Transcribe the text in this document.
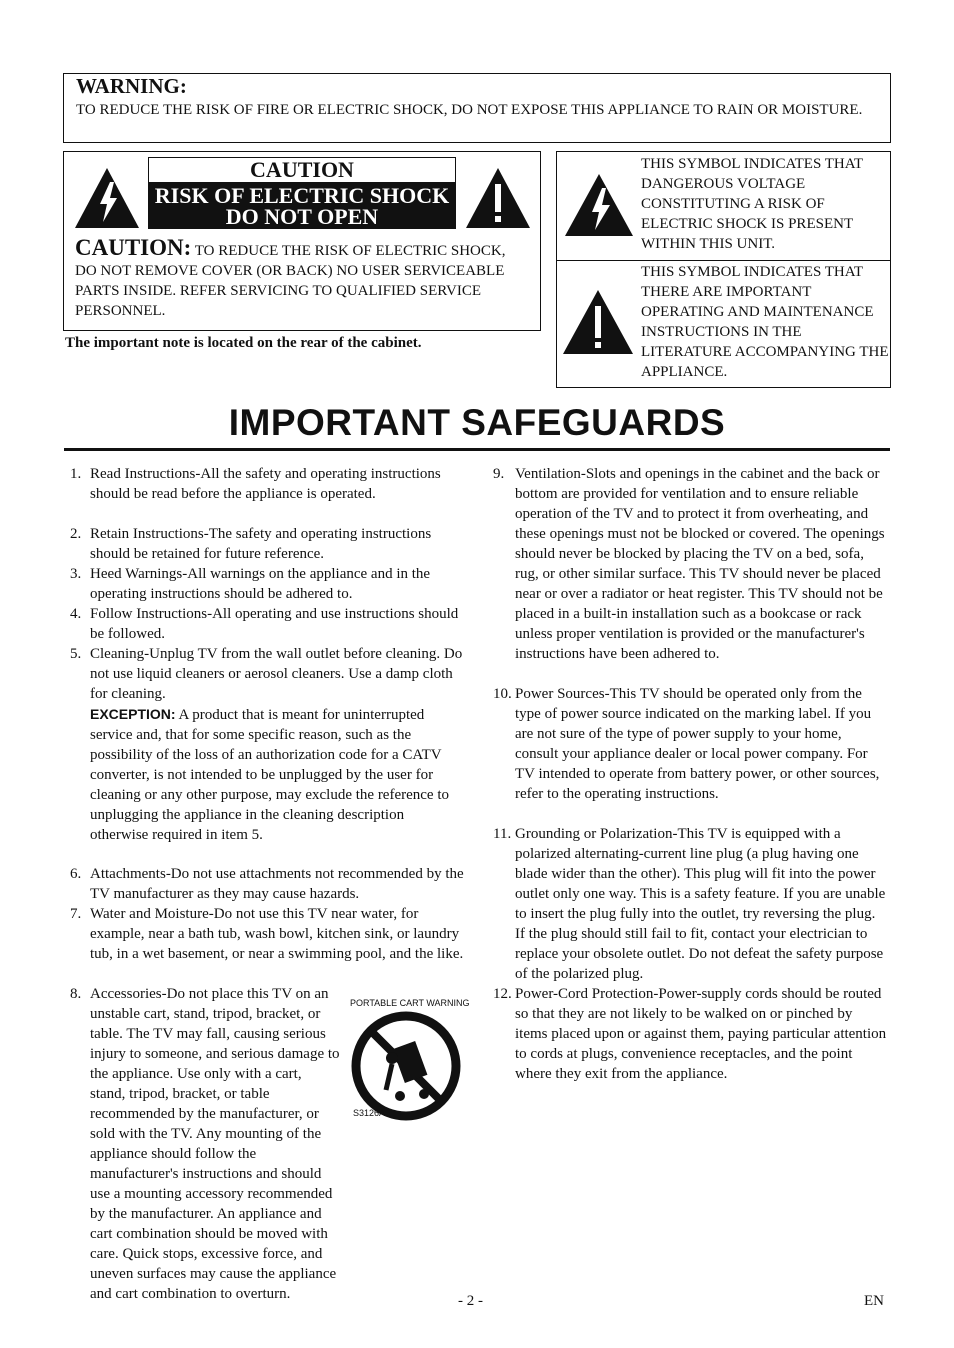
WARNING:
TO REDUCE THE RISK OF FIRE OR ELECTRIC SHOCK, DO NOT EXPOSE THIS APPLIANCE TO RAIN OR MOISTURE.
CAUTION
RISK OF ELECTRIC SHOCK
DO NOT OPEN
CAUTION: TO REDUCE THE RISK OF ELECTRIC SHOCK, DO NOT REMOVE COVER (OR BACK) NO USER SERVICEABLE PARTS INSIDE. REFER SERVICING TO QUALIFIED SERVICE PERSONNEL.
The important note is located on the rear of the cabinet.
THIS SYMBOL INDICATES THAT DANGEROUS VOLTAGE CONSTITUTING A RISK OF ELECTRIC SHOCK IS PRESENT WITHIN THIS UNIT.
THIS SYMBOL INDICATES THAT THERE ARE IMPORTANT OPERATING AND MAINTENANCE INSTRUCTIONS IN THE LITERATURE ACCOMPANYING THE APPLIANCE.
IMPORTANT SAFEGUARDS
1. Read Instructions-All the safety and operating instructions should be read before the appliance is operated.
2. Retain Instructions-The safety and operating instructions should be retained for future reference.
3. Heed Warnings-All warnings on the appliance and in the operating instructions should be adhered to.
4. Follow Instructions-All operating and use instructions should be followed.
5. Cleaning-Unplug TV from the wall outlet before cleaning. Do not use liquid cleaners or aerosol cleaners. Use a damp cloth for cleaning.
EXCEPTION: A product that is meant for uninterrupted service and, that for some specific reason, such as the possibility of the loss of an authorization code for a CATV converter, is not intended to be unplugged by the user for cleaning or any other purpose, may exclude the reference to unplugging the appliance in the cleaning description otherwise required in item 5.
6. Attachments-Do not use attachments not recommended by the TV manufacturer as they may cause hazards.
7. Water and Moisture-Do not use this TV near water, for example, near a bath tub, wash bowl, kitchen sink, or laundry tub, in a wet basement, or near a swimming pool, and the like.
8. Accessories-Do not place this TV on an unstable cart, stand, tripod, bracket, or table. The TV may fall, causing serious injury to someone, and serious damage to the appliance. Use only with a cart, stand, tripod, bracket, or table recommended by the manufacturer, or sold with the TV. Any mounting of the appliance should follow the manufacturer's instructions and should use a mounting accessory recommended by the manufacturer. An appliance and cart combination should be moved with care. Quick stops, excessive force, and uneven surfaces may cause the appliance and cart combination to overturn.
PORTABLE CART WARNING
S3126A
9. Ventilation-Slots and openings in the cabinet and the back or bottom are provided for ventilation and to ensure reliable operation of the TV and to protect it from overheating, and these openings must not be blocked or covered. The openings should never be blocked by placing the TV on a bed, sofa, rug, or other similar surface. This TV should never be placed near or over a radiator or heat register. This TV should not be placed in a built-in installation such as a bookcase or rack unless proper ventilation is provided or the manufacturer's instructions have been adhered to.
10. Power Sources-This TV should be operated only from the type of power source indicated on the marking label. If you are not sure of the type of power supply to your home, consult your appliance dealer or local power company. For TV intended to operate from battery power, or other sources, refer to the operating instructions.
11. Grounding or Polarization-This TV is equipped with a polarized alternating-current line plug (a plug having one blade wider than the other). This plug will fit into the power outlet only one way. This is a safety feature. If you are unable to insert the plug fully into the outlet, try reversing the plug. If the plug should still fail to fit, contact your electrician to replace your obsolete outlet. Do not defeat the safety purpose of the polarized plug.
12. Power-Cord Protection-Power-supply cords should be routed so that they are not likely to be walked on or pinched by items placed upon or against them, paying particular attention to cords at plugs, convenience receptacles, and the point where they exit from the appliance.
- 2 -	EN
